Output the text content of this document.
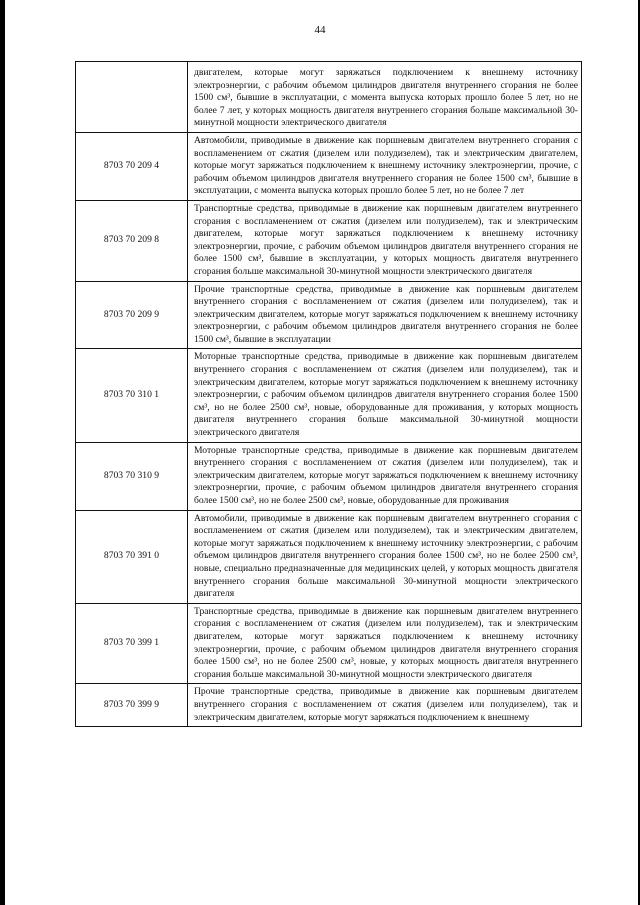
44
	двигателем, которые могут заряжаться подключением к внешнему источнику электроэнергии, с рабочим объемом цилиндров двигателя внутреннего сгорания не более 1500 см³, бывшие в эксплуатации, с момента выпуска которых прошло более 5 лет, но не более 7 лет, у которых мощность двигателя внутреннего сгорания больше максимальной 30-минутной мощности электрического двигателя
8703 70 209 4	Автомобили, приводимые в движение как поршневым двигателем внутреннего сгорания с воспламенением от сжатия (дизелем или полудизелем), так и электрическим двигателем, которые могут заряжаться подключением к внешнему источнику электроэнергии, прочие, с рабочим объемом цилиндров двигателя внутреннего сгорания не более 1500 см³, бывшие в эксплуатации, с момента выпуска которых прошло более 5 лет, но не более 7 лет
8703 70 209 8	Транспортные средства, приводимые в движение как поршневым двигателем внутреннего сгорания с воспламенением от сжатия (дизелем или полудизелем), так и электрическим двигателем, которые могут заряжаться подключением к внешнему источнику электроэнергии, прочие, с рабочим объемом цилиндров двигателя внутреннего сгорания не более 1500 см³, бывшие в эксплуатации, у которых мощность двигателя внутреннего сгорания больше максимальной 30-минутной мощности электрического двигателя
8703 70 209 9	Прочие транспортные средства, приводимые в движение как поршневым двигателем внутреннего сгорания с воспламенением от сжатия (дизелем или полудизелем), так и электрическим двигателем, которые могут заряжаться подключением к внешнему источнику электроэнергии, с рабочим объемом цилиндров двигателя внутреннего сгорания не более 1500 см³, бывшие в эксплуатации
8703 70 310 1	Моторные транспортные средства, приводимые в движение как поршневым двигателем внутреннего сгорания с воспламенением от сжатия (дизелем или полудизелем), так и электрическим двигателем, которые могут заряжаться подключением к внешнему источнику электроэнергии, с рабочим объемом цилиндров двигателя внутреннего сгорания более 1500 см³, но не более 2500 см³, новые, оборудованные для проживания, у которых мощность двигателя внутреннего сгорания больше максимальной 30-минутной мощности электрического двигателя
8703 70 310 9	Моторные транспортные средства, приводимые в движение как поршневым двигателем внутреннего сгорания с воспламенением от сжатия (дизелем или полудизелем), так и электрическим двигателем, которые могут заряжаться подключением к внешнему источнику электроэнергии, прочие, с рабочим объемом цилиндров двигателя внутреннего сгорания более 1500 см³, но не более 2500 см³, новые, оборудованные для проживания
8703 70 391 0	Автомобили, приводимые в движение как поршневым двигателем внутреннего сгорания с воспламенением от сжатия (дизелем или полудизелем), так и электрическим двигателем, которые могут заряжаться подключением к внешнему источнику электроэнергии, с рабочим объемом цилиндров двигателя внутреннего сгорания более 1500 см³, но не более 2500 см³, новые, специально предназначенные для медицинских целей, у которых мощность двигателя внутреннего сгорания больше максимальной 30-минутной мощности электрического двигателя
8703 70 399 1	Транспортные средства, приводимые в движение как поршневым двигателем внутреннего сгорания с воспламенением от сжатия (дизелем или полудизелем), так и электрическим двигателем, которые могут заряжаться подключением к внешнему источнику электроэнергии, прочие, с рабочим объемом цилиндров двигателя внутреннего сгорания более 1500 см³, но не более 2500 см³, новые, у которых мощность двигателя внутреннего сгорания больше максимальной 30-минутной мощности электрического двигателя
8703 70 399 9	Прочие транспортные средства, приводимые в движение как поршневым двигателем внутреннего сгорания с воспламенением от сжатия (дизелем или полудизелем), так и электрическим двигателем, которые могут заряжаться подключением к внешнему
